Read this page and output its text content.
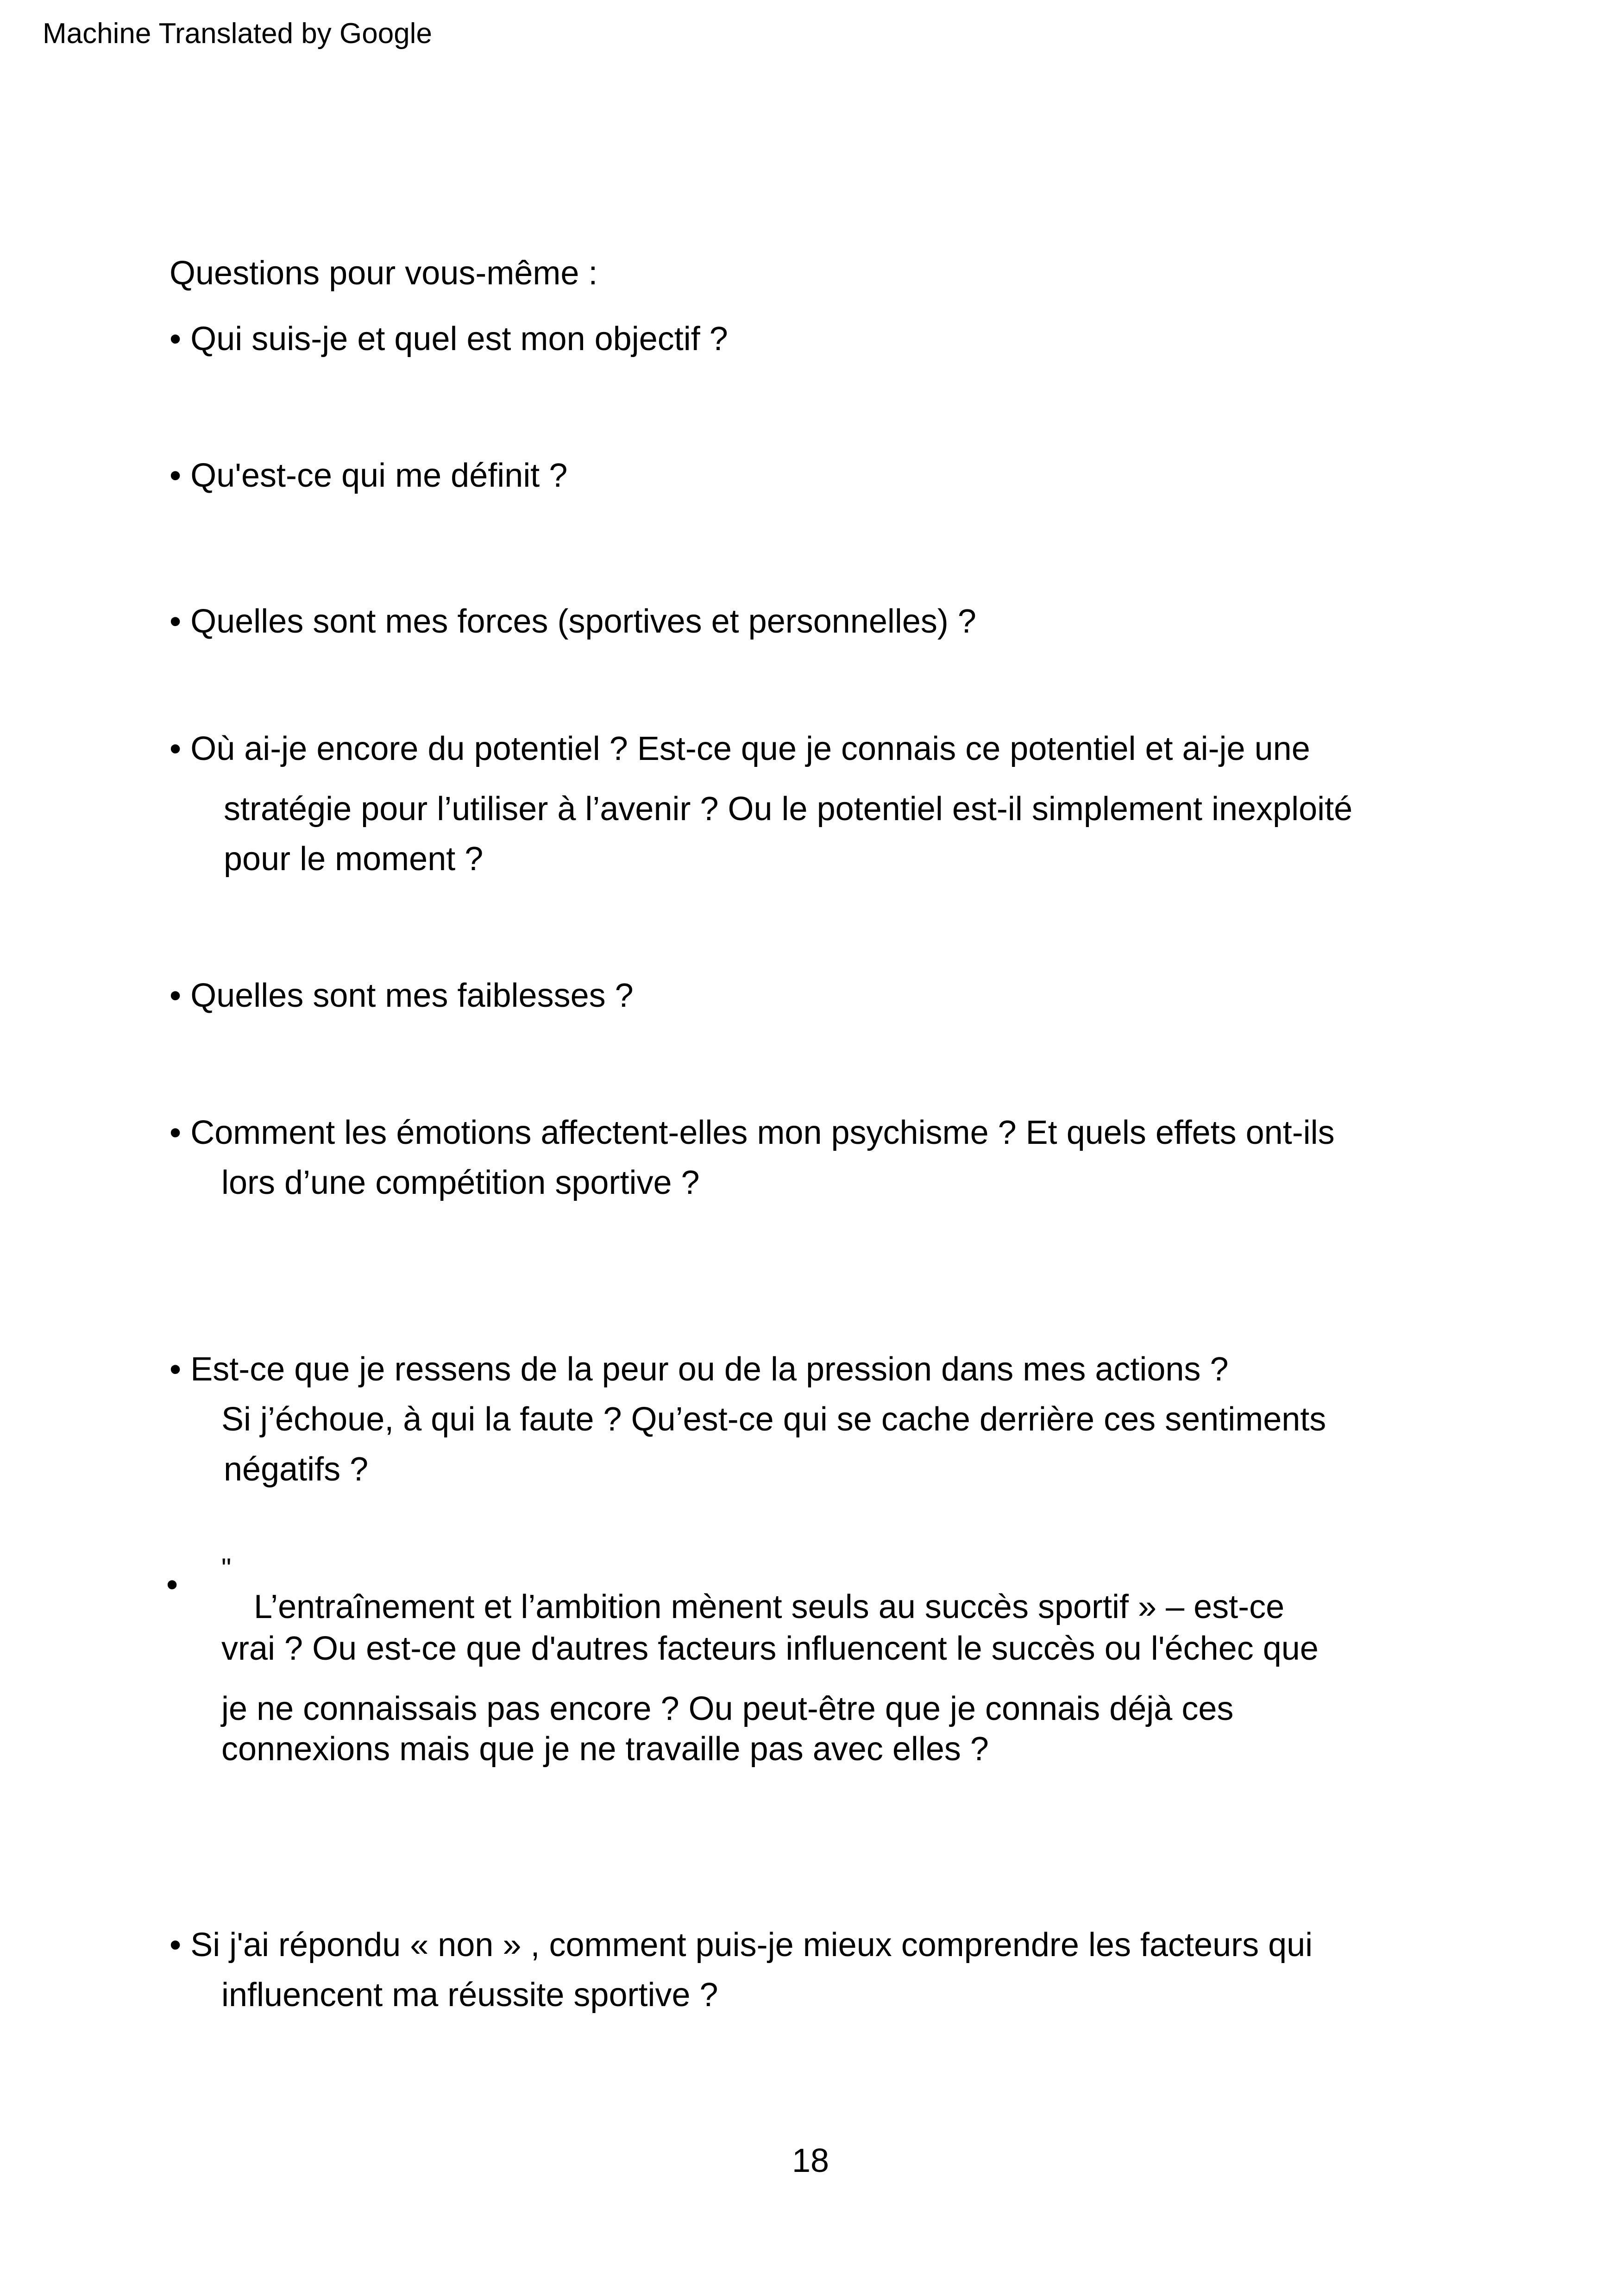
Machine Translated by Google
Questions pour vous-même :
• Qui suis-je et quel est mon objectif ?
• Qu'est-ce qui me définit ?
• Quelles sont mes forces (sportives et personnelles) ?
• Où ai-je encore du potentiel ? Est-ce que je connais ce potentiel et ai-je une
stratégie pour l’utiliser à l’avenir ? Ou le potentiel est-il simplement inexploité
pour le moment ?
• Quelles sont mes faiblesses ?
• Comment les émotions affectent-elles mon psychisme ? Et quels effets ont-ils
lors d’une compétition sportive ?
• Est-ce que je ressens de la peur ou de la pression dans mes actions ?
Si j’échoue, à qui la faute ? Qu’est-ce qui se cache derrière ces sentiments
négatifs ?
• "
L’entraînement et l’ambition mènent seuls au succès sportif » – est-ce
vrai ? Ou est-ce que d'autres facteurs influencent le succès ou l'échec que
je ne connaissais pas encore ? Ou peut-être que je connais déjà ces
connexions mais que je ne travaille pas avec elles ?
• Si j'ai répondu « non » , comment puis-je mieux comprendre les facteurs qui
influencent ma réussite sportive ?
18
